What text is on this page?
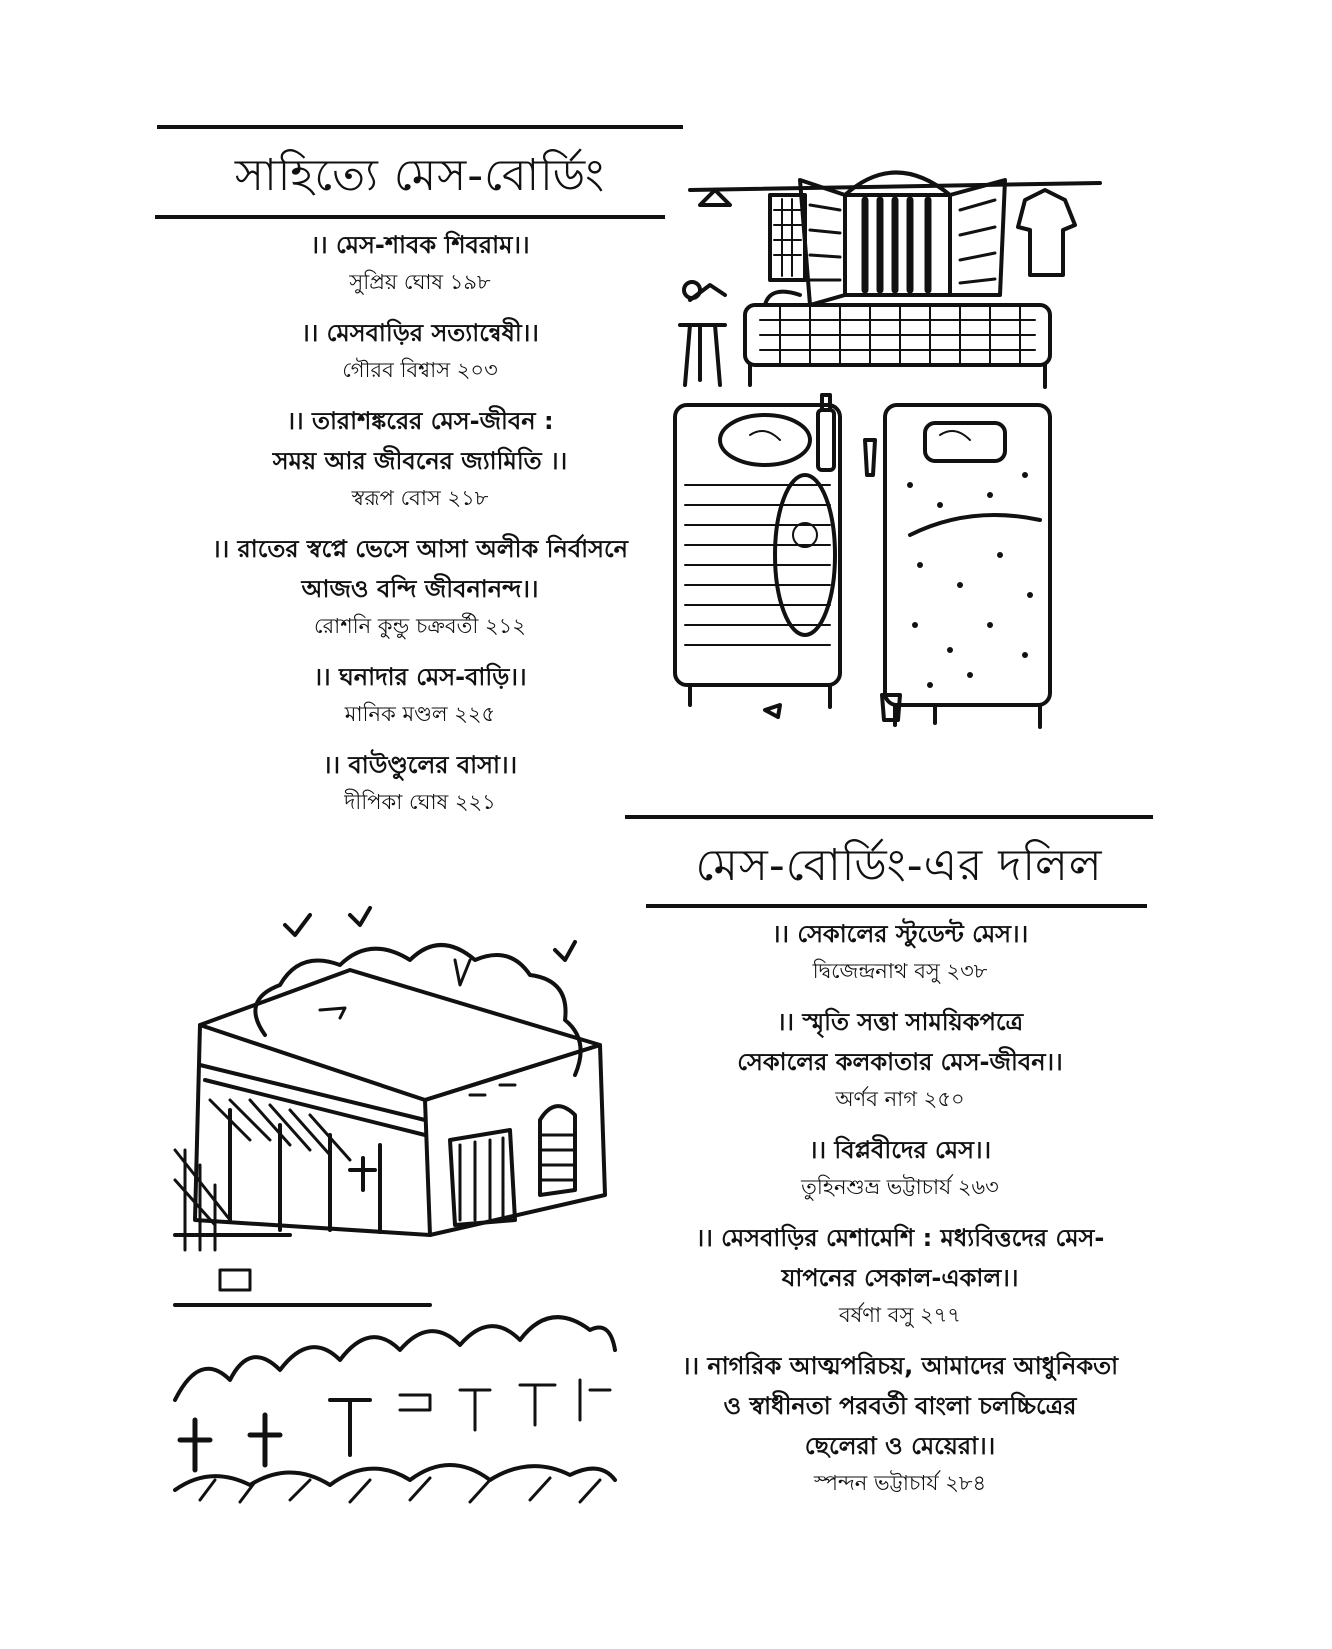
সাহিত্যে মেস-বোর্ডিং
।। মেস-শাবক শিবরাম।।
সুপ্রিয় ঘোষ ১৯৮
।। মেসবাড়ির সত্যান্বেষী।।
গৌরব বিশ্বাস ২০৩
।। তারাশঙ্করের মেস-জীবন :
সময় আর জীবনের জ্যামিতি ।।
স্বরূপ বোস ২১৮
।। রাতের স্বপ্নে ভেসে আসা অলীক নির্বাসনে
আজও বন্দি জীবনানন্দ।।
রোশনি কুন্ডু চক্রবর্তী ২১২
।। ঘনাদার মেস-বাড়ি।।
মানিক মণ্ডল ২২৫
।। বাউণ্ডুলের বাসা।।
দীপিকা ঘোষ ২২১
মেস-বোর্ডিং-এর দলিল
।। সেকালের স্টুডেন্ট মেস।।
দ্বিজেন্দ্রনাথ বসু ২৩৮
।। স্মৃতি সত্তা সাময়িকপত্রে
সেকালের কলকাতার মেস-জীবন।।
অর্ণব নাগ ২৫০
।। বিপ্লবীদের মেস।।
তুহিনশুভ্র ভট্টাচার্য ২৬৩
।। মেসবাড়ির মেশামেশি : মধ্যবিত্তদের মেস-
যাপনের সেকাল-একাল।।
বর্ষণা বসু ২৭৭
।। নাগরিক আত্মপরিচয়, আমাদের আধুনিকতা
ও স্বাধীনতা পরবর্তী বাংলা চলচ্চিত্রের
ছেলেরা ও মেয়েরা।।
স্পন্দন ভট্টাচার্য ২৮৪
